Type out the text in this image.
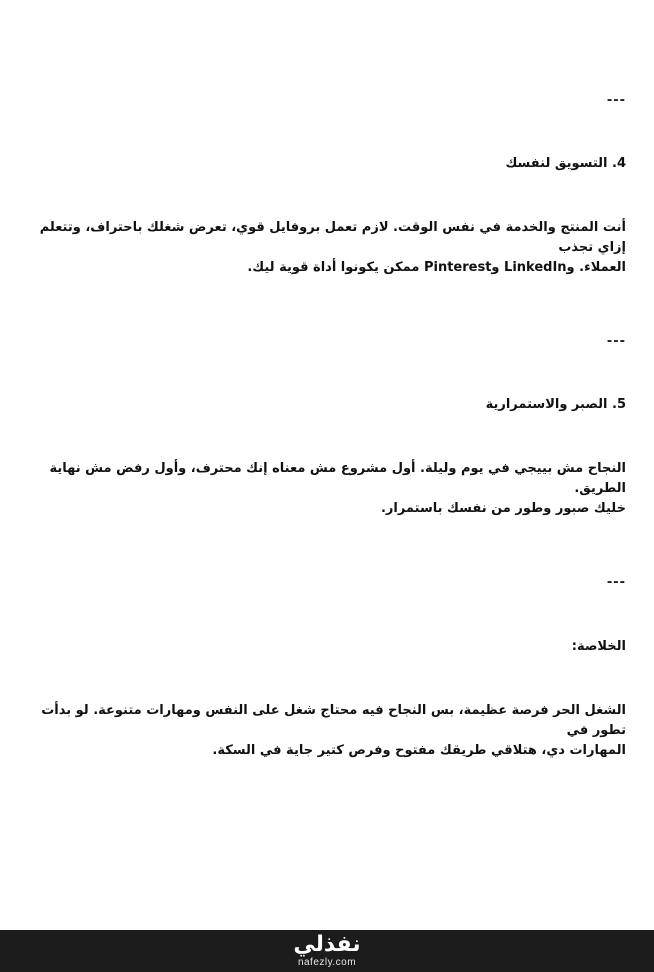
---
4. التسويق لنفسك

أنت المنتج والخدمة في نفس الوقت. لازم تعمل بروفايل قوي، تعرض شغلك باحتراف، وتتعلم إزاي تجذب

العملاء. وLinkedIn وPinterest ممكن يكونوا أداة قوية ليك.

---
5. الصبر والاستمرارية

النجاح مش بييجي في يوم وليلة. أول مشروع مش معناه إنك محترف، وأول رفض مش نهاية الطريق.

خليك صبور وطور من نفسك باستمرار.

---
الخلاصة:

الشغل الحر فرصة عظيمة، بس النجاح فيه محتاج شغل على النفس ومهارات متنوعة. لو بدأت تطور في

المهارات دي، هتلاقي طريقك مفتوح وفرص كتير جاية في السكة.

نفذلي
nafezly.com
